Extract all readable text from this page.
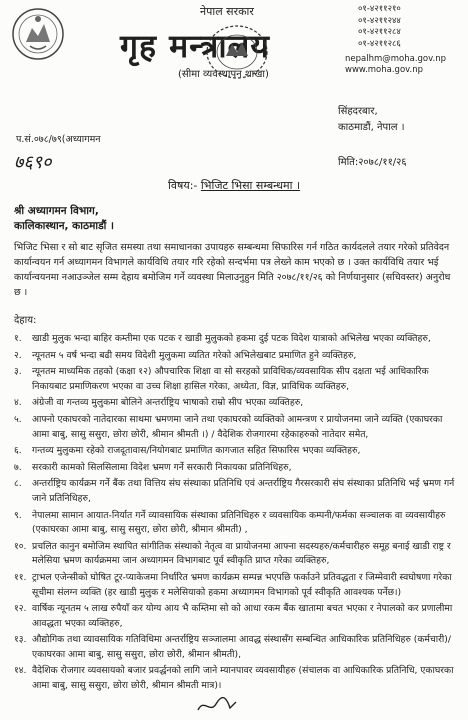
नेपाल सरकार
गृह मन्त्रालय
(सीमा व्यवस्थापन शाखा)
०१-४२११२१०
०१-४२११२४४
०१-४२११२८४
०१-४२११२८६
nepalhm@moha.gov.np
www.moha.gov.np
सिंहदरबार,
काठमाडौं, नेपाल ।
प.सं.०७८/७९(अध्यागमन
७६९०	मिति:२०७८/११/२६
विषय:- भिजिट भिसा सम्बन्धमा ।
श्री अध्यागमन विभाग,
कालिकास्थान, काठमाडौं ।
भिजिट भिसा र सो बाट सृजित समस्या तथा समाधानका उपायहरु सम्बन्धमा सिफारिस गर्न गठित कार्यदलले तयार गरेको प्रतिवेदन कार्यान्वयन गर्न अध्यागमन विभागले कार्यविधि तयार गरि रहेको सन्दर्भमा पत्र लेख्ने काम भएको छ । उक्त कार्यविधि तयार भई कार्यान्वयनमा नआउञ्जेल सम्म देहाय बमोजिम गर्ने व्यवस्था मिलाउनुहुन मिति २०७८/११/२६ को निर्णयानुसार (सचिवस्तर) अनुरोध छ ।
देहाय:
१.	खाडी मुलुक भन्दा बाहिर कम्तीमा एक पटक र खाडी मुलुकको हकमा दुई पटक विदेश यात्राको अभिलेख भएका व्यक्तिहरु,
२.	न्यूनतम ५ वर्ष भन्दा बढी समय विदेशी मुलुकमा व्यतित गरेको अभिलेखबाट प्रमाणित हुने व्यक्तिहरु,
३.	न्यूनतम माध्यमिक तहको (कक्षा १२) औपचारिक शिक्षा वा सो सरहको प्राविधिक/व्यवसायिक सीप दक्षता भई आधिकारिक निकायबाट प्रमाणिकरण भएका वा उच्च शिक्षा हासिल गरेका, अध्येता, विज्ञ, प्राविधिक व्यक्तिहरु,
४.	अंग्रेजी वा गन्तव्य मुलुकमा बोलिने अन्तर्राष्ट्रिय भाषाको राम्रो सीप भएका व्यक्तिहरु,
५.	आफ्नो एकाघरको नातेदारका साथमा भ्रमणमा जाने तथा एकाघरको व्यक्तिको आमन्त्रण र प्रायोजनमा जाने व्यक्ति (एकाघरका आमा बाबु, सासु ससुरा, छोरा छोरी, श्रीमान श्रीमती ।) / वैदेशिक रोजगारमा रहेकाहरुको नातेदार समेत,
६.	गन्तव्य मुलुकमा रहेको राजदूतावास/नियोगबाट प्रमाणित कागजात सहित सिफारिस भएका व्यक्तिहरु,
७.	सरकारी कामको सिलसिलामा विदेश भ्रमण गर्ने सरकारी निकायका प्रतिनिधिहरु,
८.	अन्तर्राष्ट्रिय कार्यक्रम गर्ने बैंक तथा वित्तिय संघ संस्थाका प्रतिनिधि एवं अन्तर्राष्ट्रिय गैरसरकारी संघ संस्थाका प्रतिनिधि भई भ्रमण गर्न जाने प्रतिनिधिहरु,
९.	नेपालमा सामान आयात-निर्यात गर्ने व्यावसायिक संस्थाका प्रतिनिधिहरु र व्यवसायिक कम्पनी/फर्मका सञ्चालक वा व्यवसायीहरु (एकाघरका आमा बाबु, सासु ससुरा, छोरा छोरी, श्रीमान श्रीमती) ,
१०. प्रचलित कानुन बमोजिम स्थापित सांगीतिक संस्थाको नेतृत्व वा प्रायोजनमा आफ्ना सदस्यहरु/कर्मचारीहरु समूह बनाई खाडी राष्ट्र र मलेसिया भ्रमण कार्यक्रममा जान अध्यागमन विभागबाट पूर्व स्वीकृति प्राप्त गरेका व्यक्तिहरु,
११. ट्राभल एजेन्सीको घोषित टूर-प्याकेजमा निर्धारित भ्रमण कार्यक्रम सम्पन्न भएपछि फर्काउने प्रतिवद्धता र जिम्मेवारी स्वघोषणा गरेका सूचीमा संलग्न व्यक्ति (हर खाडी मुलुक र मलेसियाको हकमा अध्यागमन विभागको पूर्व स्वीकृति आवश्यक पर्नेछ।)
१२. वार्षिक न्यूनतम ५ लाख रुपैयाँ कर योग्य आय भै कम्तिमा सो को आधा रकम बैंक खातामा बचत भएका र नेपालको कर प्रणालीमा आवद्धता भएका व्यक्तिहरु,
१३. औद्योगिक तथा व्यावसायिक गतिविधिमा अन्तर्राष्ट्रिय सञ्जालमा आवद्ध संस्थासँग सम्बन्धित आधिकारिक प्रतिनिधिहरु (कर्मचारी)/एकाघरका आमा बाबु, सासु ससुरा, छोरा छोरी, श्रीमान श्रीमती),
१४. वैदेशिक रोजगार व्यवसायको बजार प्रवर्द्धनको लागि जाने म्यानपावर व्यवसायीहरु (संचालक वा आधिकारिक प्रतिनिधि, एकाघरका आमा बाबु, सासु ससुरा, छोरा छोरी, श्रीमान श्रीमती मात्र)।
